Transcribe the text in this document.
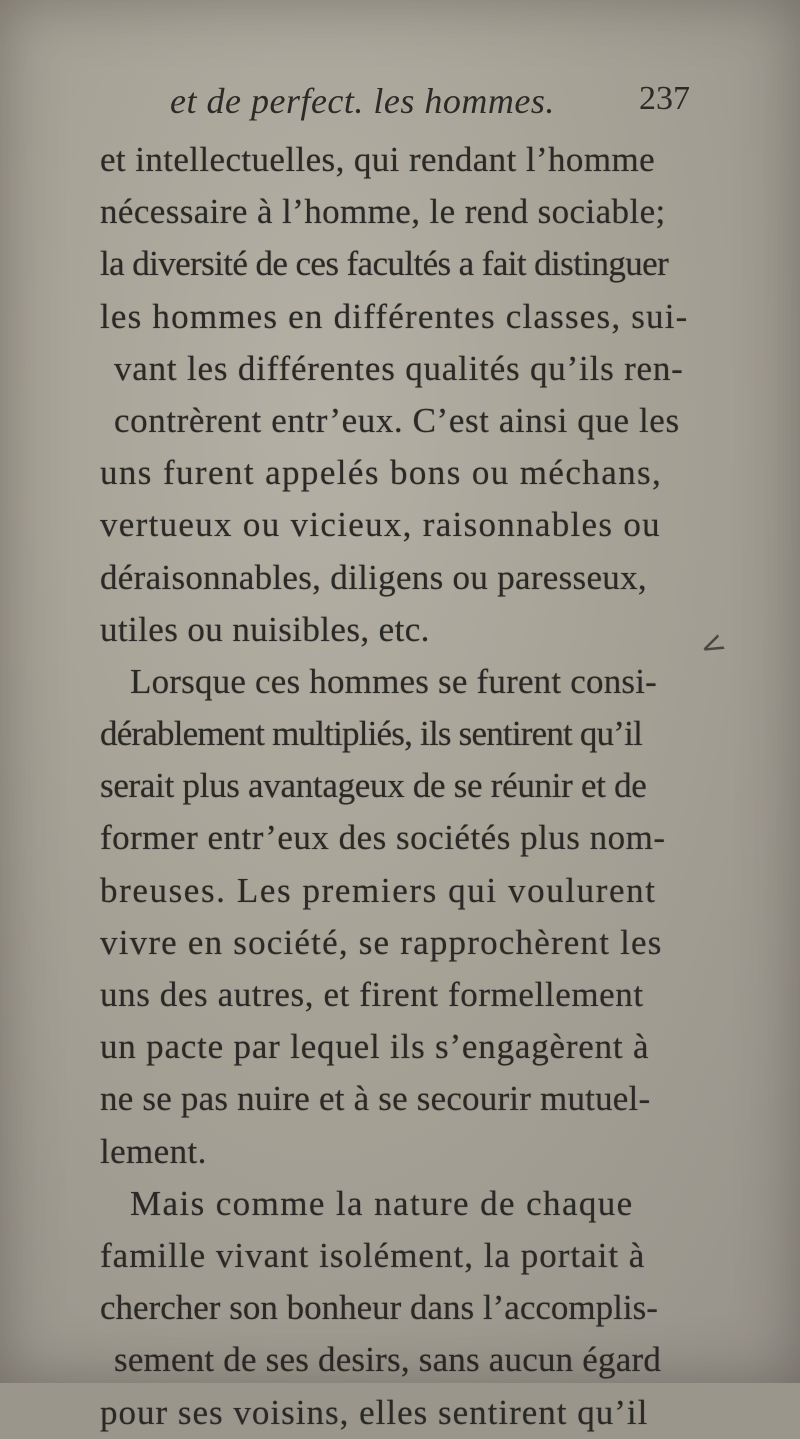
et de perfect. les hommes. 237
et intellectuelles, qui rendant l’homme
nécessaire à l’homme, le rend sociable;
la diversité de ces facultés a fait distinguer
les hommes en différentes classes, sui-
vant les différentes qualités qu’ils ren-
contrèrent entr’eux. C’est ainsi que les
uns furent appelés bons ou méchans,
vertueux ou vicieux, raisonnables ou
déraisonnables, diligens ou paresseux,
utiles ou nuisibles, etc.
Lorsque ces hommes se furent consi-
dérablement multipliés, ils sentirent qu’il
serait plus avantageux de se réunir et de
former entr’eux des sociétés plus nom-
breuses. Les premiers qui voulurent
vivre en société, se rapprochèrent les
uns des autres, et firent formellement
un pacte par lequel ils s’engagèrent à
ne se pas nuire et à se secourir mutuel-
lement.
Mais comme la nature de chaque
famille vivant isolément, la portait à
chercher son bonheur dans l’accomplis-
sement de ses desirs, sans aucun égard
pour ses voisins, elles sentirent qu’il
<
